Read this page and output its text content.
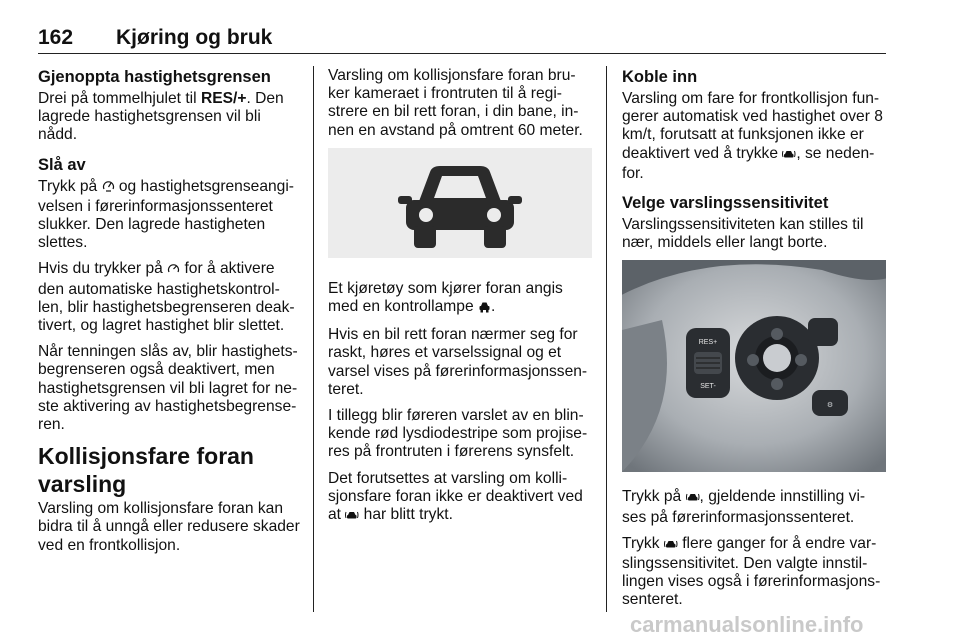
162 Kjøring og bruk
Gjenoppta hastighetsgrensen

Drei på tommelhjulet til RES/+. Den lagrede hastighetsgrensen vil bli nådd.

Slå av

Trykk på  og hastighetsgrenseangi-velsen i førerinformasjonssenteret slukker. Den lagrede hastigheten slettes.

Hvis du trykker på  for å aktivere den automatiske hastighetskontrol-len, blir hastighetsbegrenseren deak-tivert, og lagret hastighet blir slettet.

Når tenningen slås av, blir hastighets-begrenseren også deaktivert, men hastighetsgrensen vil bli lagret for ne-ste aktivering av hastighetsbegrense-ren.

Kollisjonsfare foran varsling

Varsling om kollisjonsfare foran kan bidra til å unngå eller redusere skader ved en frontkollisjon.

Varsling om kollisjonsfare foran bru-ker kameraet i frontruten til å regi-strere en bil rett foran, i din bane, in-nen en avstand på omtrent 60 meter.

Et kjøretøy som kjører foran angis med en kontrollampe .

Hvis en bil rett foran nærmer seg for raskt, høres et varselssignal og et varsel vises på førerinformasjonssen-teret.

I tillegg blir føreren varslet av en blin-kende rød lysdiodestripe som projise-res på frontruten i førerens synsfelt.

Det forutsettes at varsling om kolli-sjonsfare foran ikke er deaktivert ved at  har blitt trykt.

Koble inn

Varsling om fare for frontkollisjon fun-gerer automatisk ved hastighet over 8 km/t, forutsatt at funksjonen ikke er deaktivert ved å trykke , se neden-for.

Velge varslingssensitivitet

Varslingssensitiviteten kan stilles til nær, middels eller langt borte.

RES+
SET-
⚙

Trykk på , gjeldende innstilling vi-ses på førerinformasjonssenteret.

Trykk  flere ganger for å endre var-slingssensitivitet. Den valgte innstil-lingen vises også i førerinformasjons-senteret.

carmanualsonline.info
